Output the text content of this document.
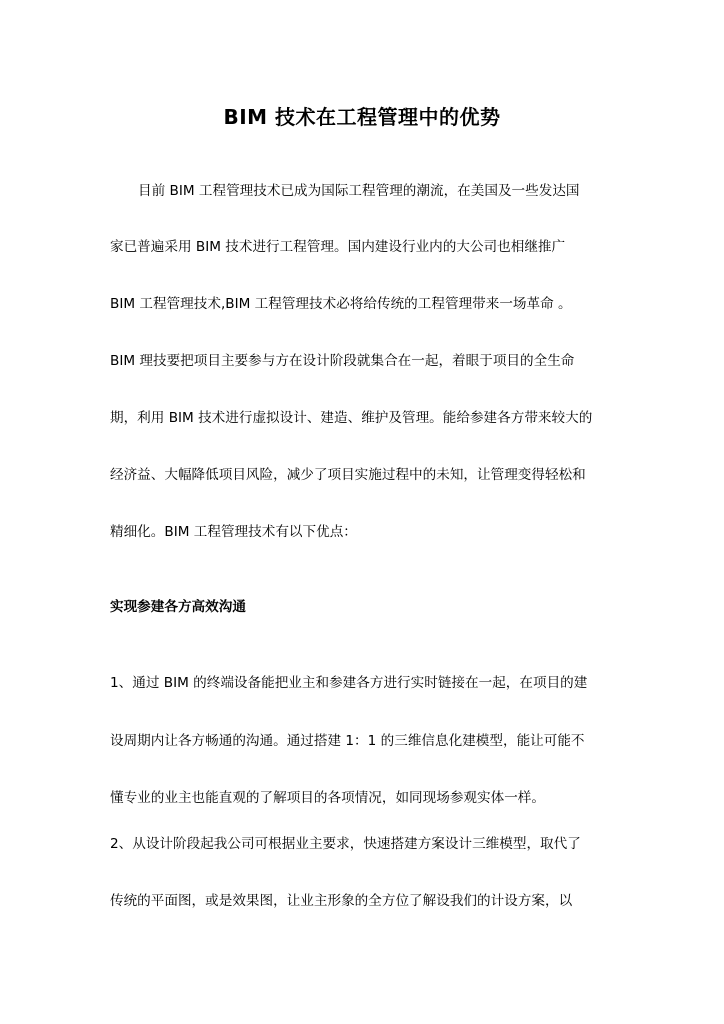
BIM 技术在工程管理中的优势
目前 BIM 工程管理技术已成为国际工程管理的潮流，在美国及一些发达国
家已普遍采用 BIM 技术进行工程管理。国内建设行业内的大公司也相继推广
BIM 工程管理技术,BIM 工程管理技术必将给传统的工程管理带来一场革命 。
BIM 理技要把项目主要参与方在设计阶段就集合在一起，着眼于项目的全生命
期，利用 BIM 技术进行虚拟设计、建造、维护及管理。能给参建各方带来较大的
经济益、大幅降低项目风险，减少了项目实施过程中的未知，让管理变得轻松和
精细化。BIM 工程管理技术有以下优点：
实现参建各方高效沟通
1、通过 BIM 的终端设备能把业主和参建各方进行实时链接在一起，在项目的建
设周期内让各方畅通的沟通。通过搭建 1：1 的三维信息化建模型，能让可能不
懂专业的业主也能直观的了解项目的各项情况，如同现场参观实体一样。
2、从设计阶段起我公司可根据业主要求，快速搭建方案设计三维模型，取代了
传统的平面图，或是效果图，让业主形象的全方位了解设我们的计设方案，以
